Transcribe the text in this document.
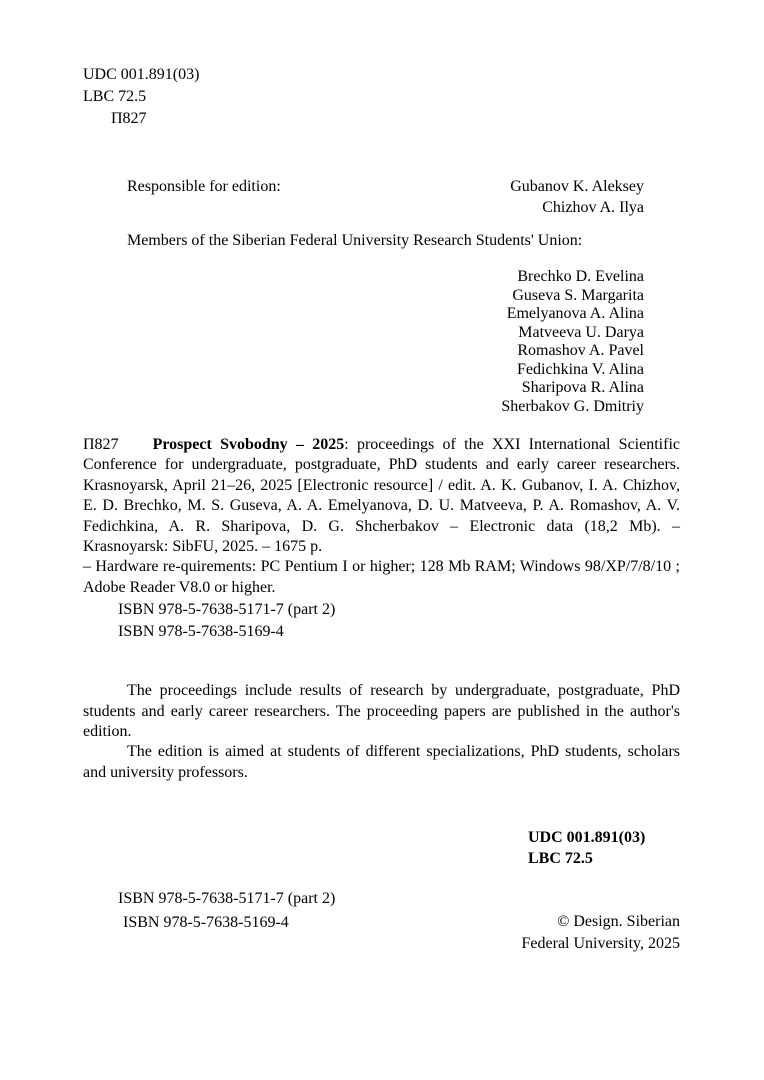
UDC 001.891(03)
LBC 72.5
П827
Responsible for edition:	Gubanov K. Aleksey
Chizhov A. Ilya
Members of the Siberian Federal University Research Students' Union:
Brechko D. Evelina
Guseva S. Margarita
Emelyanova A. Alina
Matveeva U. Darya
Romashov A. Pavel
Fedichkina V. Alina
Sharipova R. Alina
Sherbakov G. Dmitriy

П827 Prospect Svobodny – 2025: proceedings of the XXI International Scientific Conference for undergraduate, postgraduate, PhD students and early career researchers. Krasnoyarsk, April 21–26, 2025 [Electronic resource] / edit. A. K. Gubanov, I. A. Chizhov, E. D. Brechko, M. S. Guseva, A. A. Emelyanova, D. U. Matveeva, P. A. Romashov, A. V. Fedichkina, A. R. Sharipova, D. G. Shcherbakov – Electronic data (18,2 Mb). – Krasnoyarsk: SibFU, 2025. – 1675 p.

– Hardware re-quirements: PC Pentium I or higher; 128 Mb RAM; Windows 98/XP/7/8/10 ; Adobe Reader V8.0 or higher.

ISBN 978-5-7638-5171-7 (part 2)
ISBN 978-5-7638-5169-4

The proceedings include results of research by undergraduate, postgraduate, PhD students and early career researchers. The proceeding papers are published in the author's edition.

The edition is aimed at students of different specializations, PhD students, scholars and university professors.

UDC 001.891(03)
LBC 72.5
ISBN 978-5-7638-5171-7 (part 2)
ISBN 978-5-7638-5169-4	© Design. Siberian
Federal University, 2025
